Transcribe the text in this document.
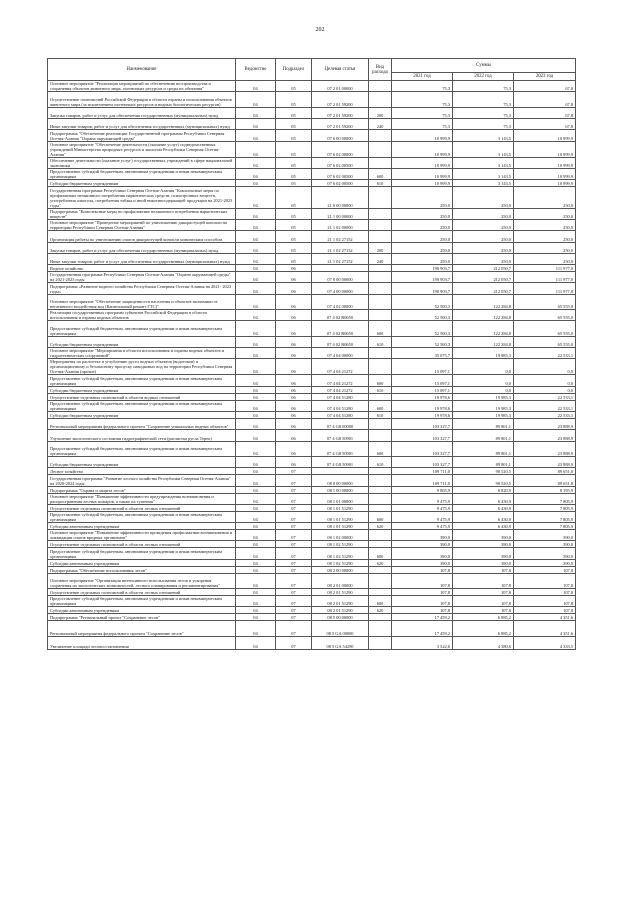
202
Наименование	Ведомство	Подраздел	Целевая статья	Вид расхода	Суммы		
					2021 год	2022 год	2023 год
Основное мероприятие "Реализация мероприятий по обеспечению воспроизводства и сохранения объектов животного мира, охотничьих ресурсов и среды их обитания"	04	05	07 2 01 00000		75,3	75,3	67,8
Осуществление полномочий Российской Федерации в области охраны и использования объектов животного мира (за исключением охотничьих ресурсов и водных биологических ресурсов)	04	05	07 2 01 59200		75,3	75,3	67,8
Закупка товаров, работ и услуг для обеспечения государственных (муниципальных) нужд	04	05	07 2 01 59200	200	75,3	75,3	67,8
Иные закупки товаров, работ и услуг для обеспечения государственных (муниципальных) нужд	04	05	07 2 01 59200	240	75,3	75,3	67,8
Подпрограмма "Обеспечение реализации Государственной программы Республики Северная Осетия-Алания "Охрана окружающей среды"	04	05	07 6 00 00000		10 999,9	3 143,5	10 999,9
Основное мероприятие "Обеспечение деятельности (оказание услуг) подведомственных учреждений Министерства природных ресурсов и экологии Республики Северная Осетия-Алания"	04	05	07 6 02 00000		10 999,9	3 143,5	10 999,9
Обеспечение деятельности (оказание услуг) государственных учреждений в сфере национальной экономики	04	05	07 6 02 00500		10 999,9	3 143,5	10 999,9
Предоставление субсидий бюджетным, автономным учреждениям и иным некоммерческим организациям	04	05	07 6 02 00500	600	10 999,9	3 143,5	10 999,9
Субсидии бюджетным учреждениям	04	05	07 6 02 00500	610	10 999,9	3 143,5	10 999,9
Государственная программа Республики Северная Осетия-Алания "Комплексные меры по профилактике незаконного потребления наркотических средств, психотропных веществ, употребления алкоголя, потребления табака и иной никотинсодержащей продукции на 2021-2023 годы"	04	05	21 0 00 00000		250,0	250,0	250,0
Подпрограмма "Комплексные меры по профилактике незаконного потребления наркотических веществ"	04	05	21 1 00 00000		250,0	250,0	250,0
Основное мероприятие "Проведение мероприятий по уничтожению дикорастущей конопли на территории Республики Северная Осетия-Алания"	04	05	21 1 02 00000		250,0	250,0	250,0
Организация работы по уничтожению очагов дикорастущей конопли химическим способом	04	05	21 1 02 27152		250,0	250,0	250,0
Закупка товаров, работ и услуг для обеспечения государственных (муниципальных) нужд	04	05	21 1 02 27152	200	250,0	250,0	250,0
Иные закупки товаров, работ и услуг для обеспечения государственных (муниципальных) нужд	04	05	21 1 02 27152	240	250,0	250,0	250,0
Водное хозяйство	04	06			190 903,7	212 050,7	111 977,0
Государственная программа Республики Северная Осетия-Алания "Охрана окружающей среды" на 2021-2023 годы	04	06	07 0 00 00000		190 903,7	212 050,7	111 977,0
Подпрограмма «Развитие водного хозяйства Республики Северная Осетия-Алания на 2021- 2023 годы»	04	06	07 4 00 00000		190 903,7	212 050,7	111 977,0
Основное мероприятие "Обеспечение защищенности населения и объектов экономики от негативного воздействия вод (Капитальный ремонт ГТС)"	04	06	07 4 02 00000		52 500,3	122 284,8	65 555,0
Реализация государственных программ субъектов Российской Федерации в области использования и охраны водных объектов	04	06	07 4 02 R0650		52 500,3	122 284,8	65 555,0
Предоставление субсидий бюджетным, автономным учреждениям и иным некоммерческим организациям	04	06	07 4 02 R0650	600	52 500,3	122 284,8	65 555,0
Субсидии бюджетным учреждениям	04	06	07 4 02 R0650	610	52 500,3	122 284,8	65 555,0
Основное мероприятие "Мероприятия в области использования и охраны водных объектов и гидротехнических сооружений"	04	06	07 4 04 00000		35 075,7	19 985,3	22 533,1
Мероприятия по расчистке и углублению русел водных объектов (водотоков) и организационному и безопасному пропуску паводковых вод на территории Республики Северная Осетия-Алания (прочие)	04	06	07 4 04 21272		15 097,1	0,0	0,0
Предоставление субсидий бюджетным, автономным учреждениям и иным некоммерческим организациям	04	06	07 4 04 21272	600	15 097,1	0,0	0,0
Субсидии бюджетным учреждениям	04	06	07 4 04 21272	610	15 097,1	0,0	0,0
Осуществление отдельных полномочий в области водных отношений	04	06	07 4 04 51280		19 978,6	19 985,3	22 533,1
Предоставление субсидий бюджетным, автономным учреждениям и иным некоммерческим организациям	04	06	07 4 04 51280	600	19 978,6	19 985,3	22 533,1
Субсидии бюджетным учреждениям	04	06	07 4 04 51280	610	19 978,6	19 985,3	22 533,1
Региональный мероприятия федерального проекта "Сохранение уникальных водных объектов"	04	06	07 4 G8 00000		103 327,7	89 801,1	23 888,9
Улучшение экологического состояния гидрографической сети (расчистка русла Терек)	04	06	07 4 G8 50901		103 327,7	89 801,1	23 888,9
Предоставление субсидий бюджетным, автономным учреждениям и иным некоммерческим организациям	04	06	07 4 G8 50901	600	103 327,7	89 801,1	23 888,9
Субсидии бюджетным учреждениям	04	06	07 4 G8 50901	610	103 327,7	89 801,1	23 888,9
Лесное хозяйство	04	07			109 711,0	90 520,5	89 651,8
Государственная программа "Развитие лесного хозяйства Республики Северная Осетия-Алания" на 2020-2024 годы	04	07	08 0 00 00000		109 711,0	90 520,5	89 651,8
Подпрограмма "Охрана и защита лесов"	04	07	08 1 00 00000		9 865,9	6 820,9	8 195,9
Основное мероприятие "Повышение эффективности предупреждения возникновения и распространения лесных пожаров, а также их тушения"	04	07	08 1 01 00000		9 475,9	6 430,9	7 805,9
Осуществление отдельных полномочий в области лесных отношений	04	07	08 1 01 51290		9 475,9	6 430,9	7 805,9
Предоставление субсидий бюджетным, автономным учреждениям и иным некоммерческим организациям	04	07	08 1 01 51290	600	9 475,9	6 430,9	7 805,9
Субсидии автономным учреждениям	04	07	08 1 01 51290	620	9 475,9	6 430,9	7 805,9
Основное мероприятие "Повышение эффективности проведения профилактики возникновения и ликвидации очагов вредных организмов"	04	07	08 1 02 00000		390,0	390,0	390,0
Осуществление отдельных полномочий в области лесных отношений	04	07	08 1 02 51290		390,0	390,0	390,0
Предоставление субсидий бюджетным, автономным учреждениям и иным некоммерческим организациям	04	07	08 1 02 51290	600	390,0	390,0	390,0
Субсидии автономным учреждениям	04	07	08 1 02 51290	620	390,0	390,0	390,0
Подпрограмма "Обеспечение использования лесов"	04	07	08 2 00 00000		107,8	107,8	107,8
Основное мероприятие "Организация интенсивного использования лесов и ускорения сохранения их экологических возможностей, лесного планирования и регламентирования"	04	07	08 2 01 00000		107,8	107,8	107,8
Осуществление отдельных полномочий в области лесных отношений	04	07	08 2 01 51290		107,8	107,8	107,8
Предоставление субсидий бюджетным, автономным учреждениям и иным некоммерческим организациям	04	07	08 2 01 51290	600	107,8	107,8	107,8
Субсидии автономным учреждениям	04	07	08 2 01 51290	620	107,8	107,8	107,8
Подпрограмма "Региональный проект "Сохранение лесов"	04	07	08 5 00 00000		17 459,2	6 885,2	4 351,6
Региональный мероприятия федерального проекта "Сохранение лесов"	04	07	08 5 GA 00000		17 459,2	6 885,2	4 351,6
Увеличение площади лесовосстановления	04	07	08 5 GA 54290		3 522,6	4 380,6	4 333,5
